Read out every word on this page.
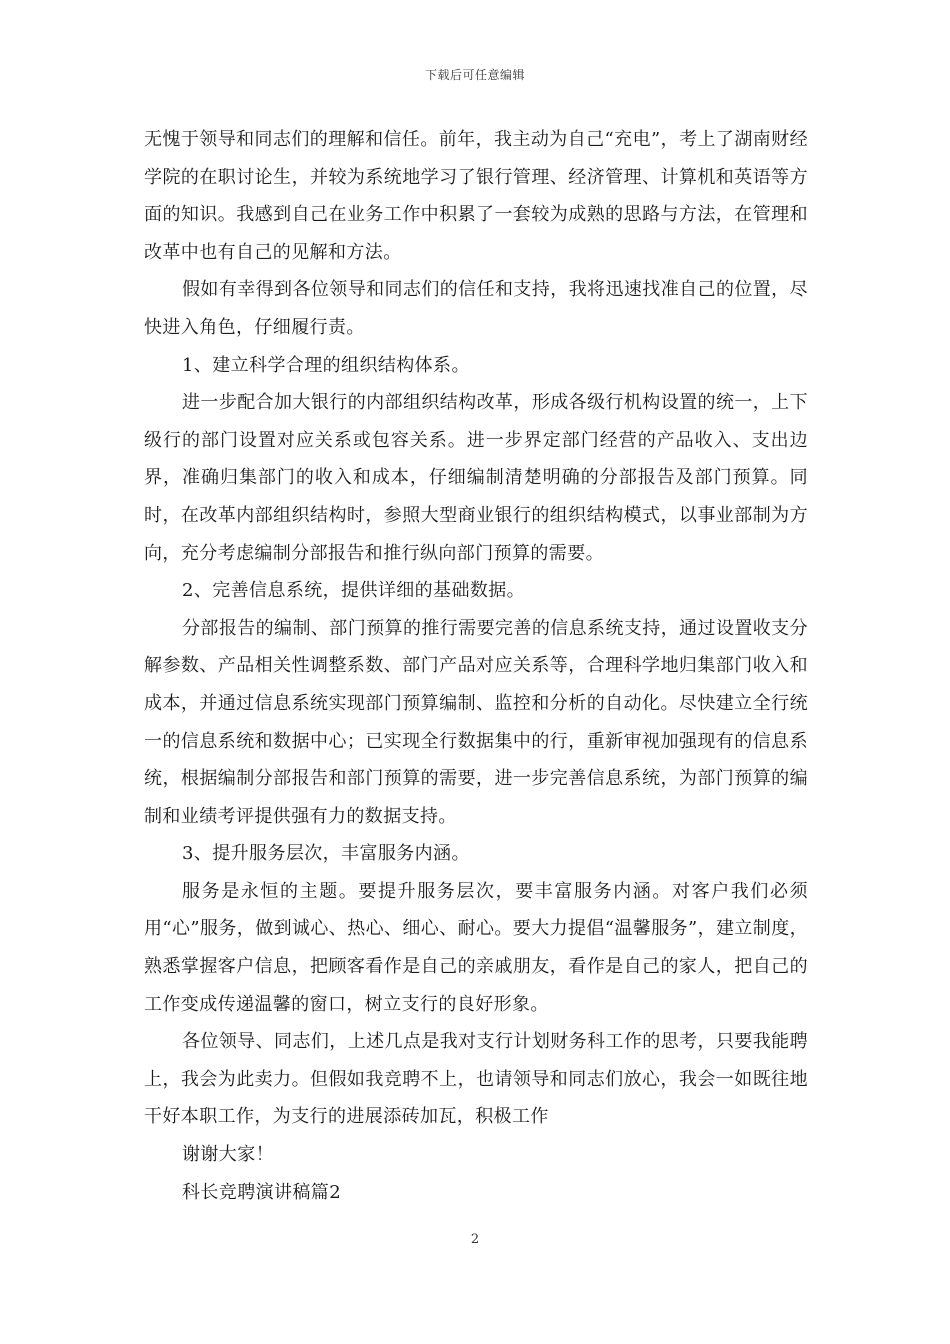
下载后可任意编辑

无愧于领导和同志们的理解和信任。前年，我主动为自己“充电”，考上了湖南财经学院的在职讨论生，并较为系统地学习了银行管理、经济管理、计算机和英语等方面的知识。我感到自己在业务工作中积累了一套较为成熟的思路与方法，在管理和改革中也有自己的见解和方法。

假如有幸得到各位领导和同志们的信任和支持，我将迅速找准自己的位置，尽快进入角色，仔细履行责。

1、建立科学合理的组织结构体系。

进一步配合加大银行的内部组织结构改革，形成各级行机构设置的统一，上下级行的部门设置对应关系或包容关系。进一步界定部门经营的产品收入、支出边界，准确归集部门的收入和成本，仔细编制清楚明确的分部报告及部门预算。同时，在改革内部组织结构时，参照大型商业银行的组织结构模式，以事业部制为方向，充分考虑编制分部报告和推行纵向部门预算的需要。

2、完善信息系统，提供详细的基础数据。

分部报告的编制、部门预算的推行需要完善的信息系统支持，通过设置收支分解参数、产品相关性调整系数、部门产品对应关系等，合理科学地归集部门收入和成本，并通过信息系统实现部门预算编制、监控和分析的自动化。尽快建立全行统一的信息系统和数据中心；已实现全行数据集中的行，重新审视加强现有的信息系统，根据编制分部报告和部门预算的需要，进一步完善信息系统，为部门预算的编制和业绩考评提供强有力的数据支持。

3、提升服务层次，丰富服务内涵。

服务是永恒的主题。要提升服务层次，要丰富服务内涵。对客户我们必须用“心”服务，做到诚心、热心、细心、耐心。要大力提倡“温馨服务”，建立制度，熟悉掌握客户信息，把顾客看作是自己的亲戚朋友，看作是自己的家人，把自己的工作变成传递温馨的窗口，树立支行的良好形象。

各位领导、同志们，上述几点是我对支行计划财务科工作的思考，只要我能聘上，我会为此卖力。但假如我竞聘不上，也请领导和同志们放心，我会一如既往地干好本职工作，为支行的进展添砖加瓦，积极工作

谢谢大家！

科长竞聘演讲稿篇2

2
